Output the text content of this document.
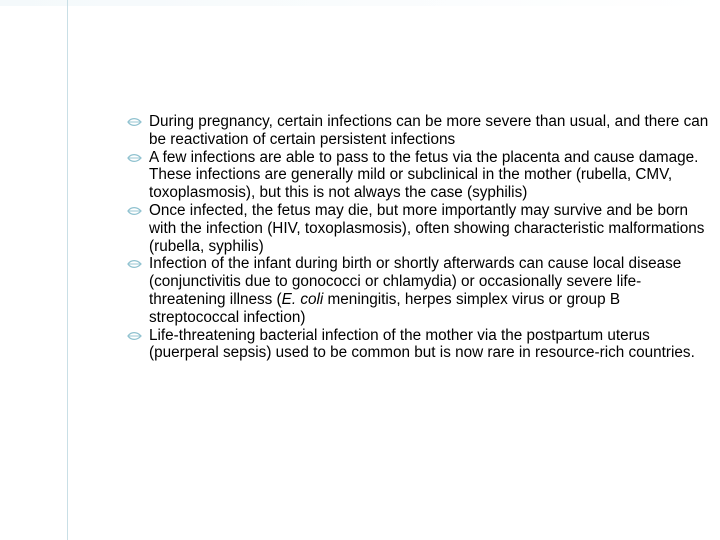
During pregnancy, certain infections can be more severe than usual, and there can be reactivation of certain persistent infections
A few infections are able to pass to the fetus via the placenta and cause damage. These infections are generally mild or subclinical in the mother (rubella, CMV, toxoplasmosis), but this is not always the case (syphilis)
Once infected, the fetus may die, but more importantly may survive and be born with the infection (HIV, toxoplasmosis), often showing characteristic malformations (rubella, syphilis)
Infection of the infant during birth or shortly afterwards can cause local disease (conjunctivitis due to gonococci or chlamydia) or occasionally severe life-threatening illness (E. coli meningitis, herpes simplex virus or group B streptococcal infection)
Life-threatening bacterial infection of the mother via the postpartum uterus (puerperal sepsis) used to be common but is now rare in resource-rich countries.
